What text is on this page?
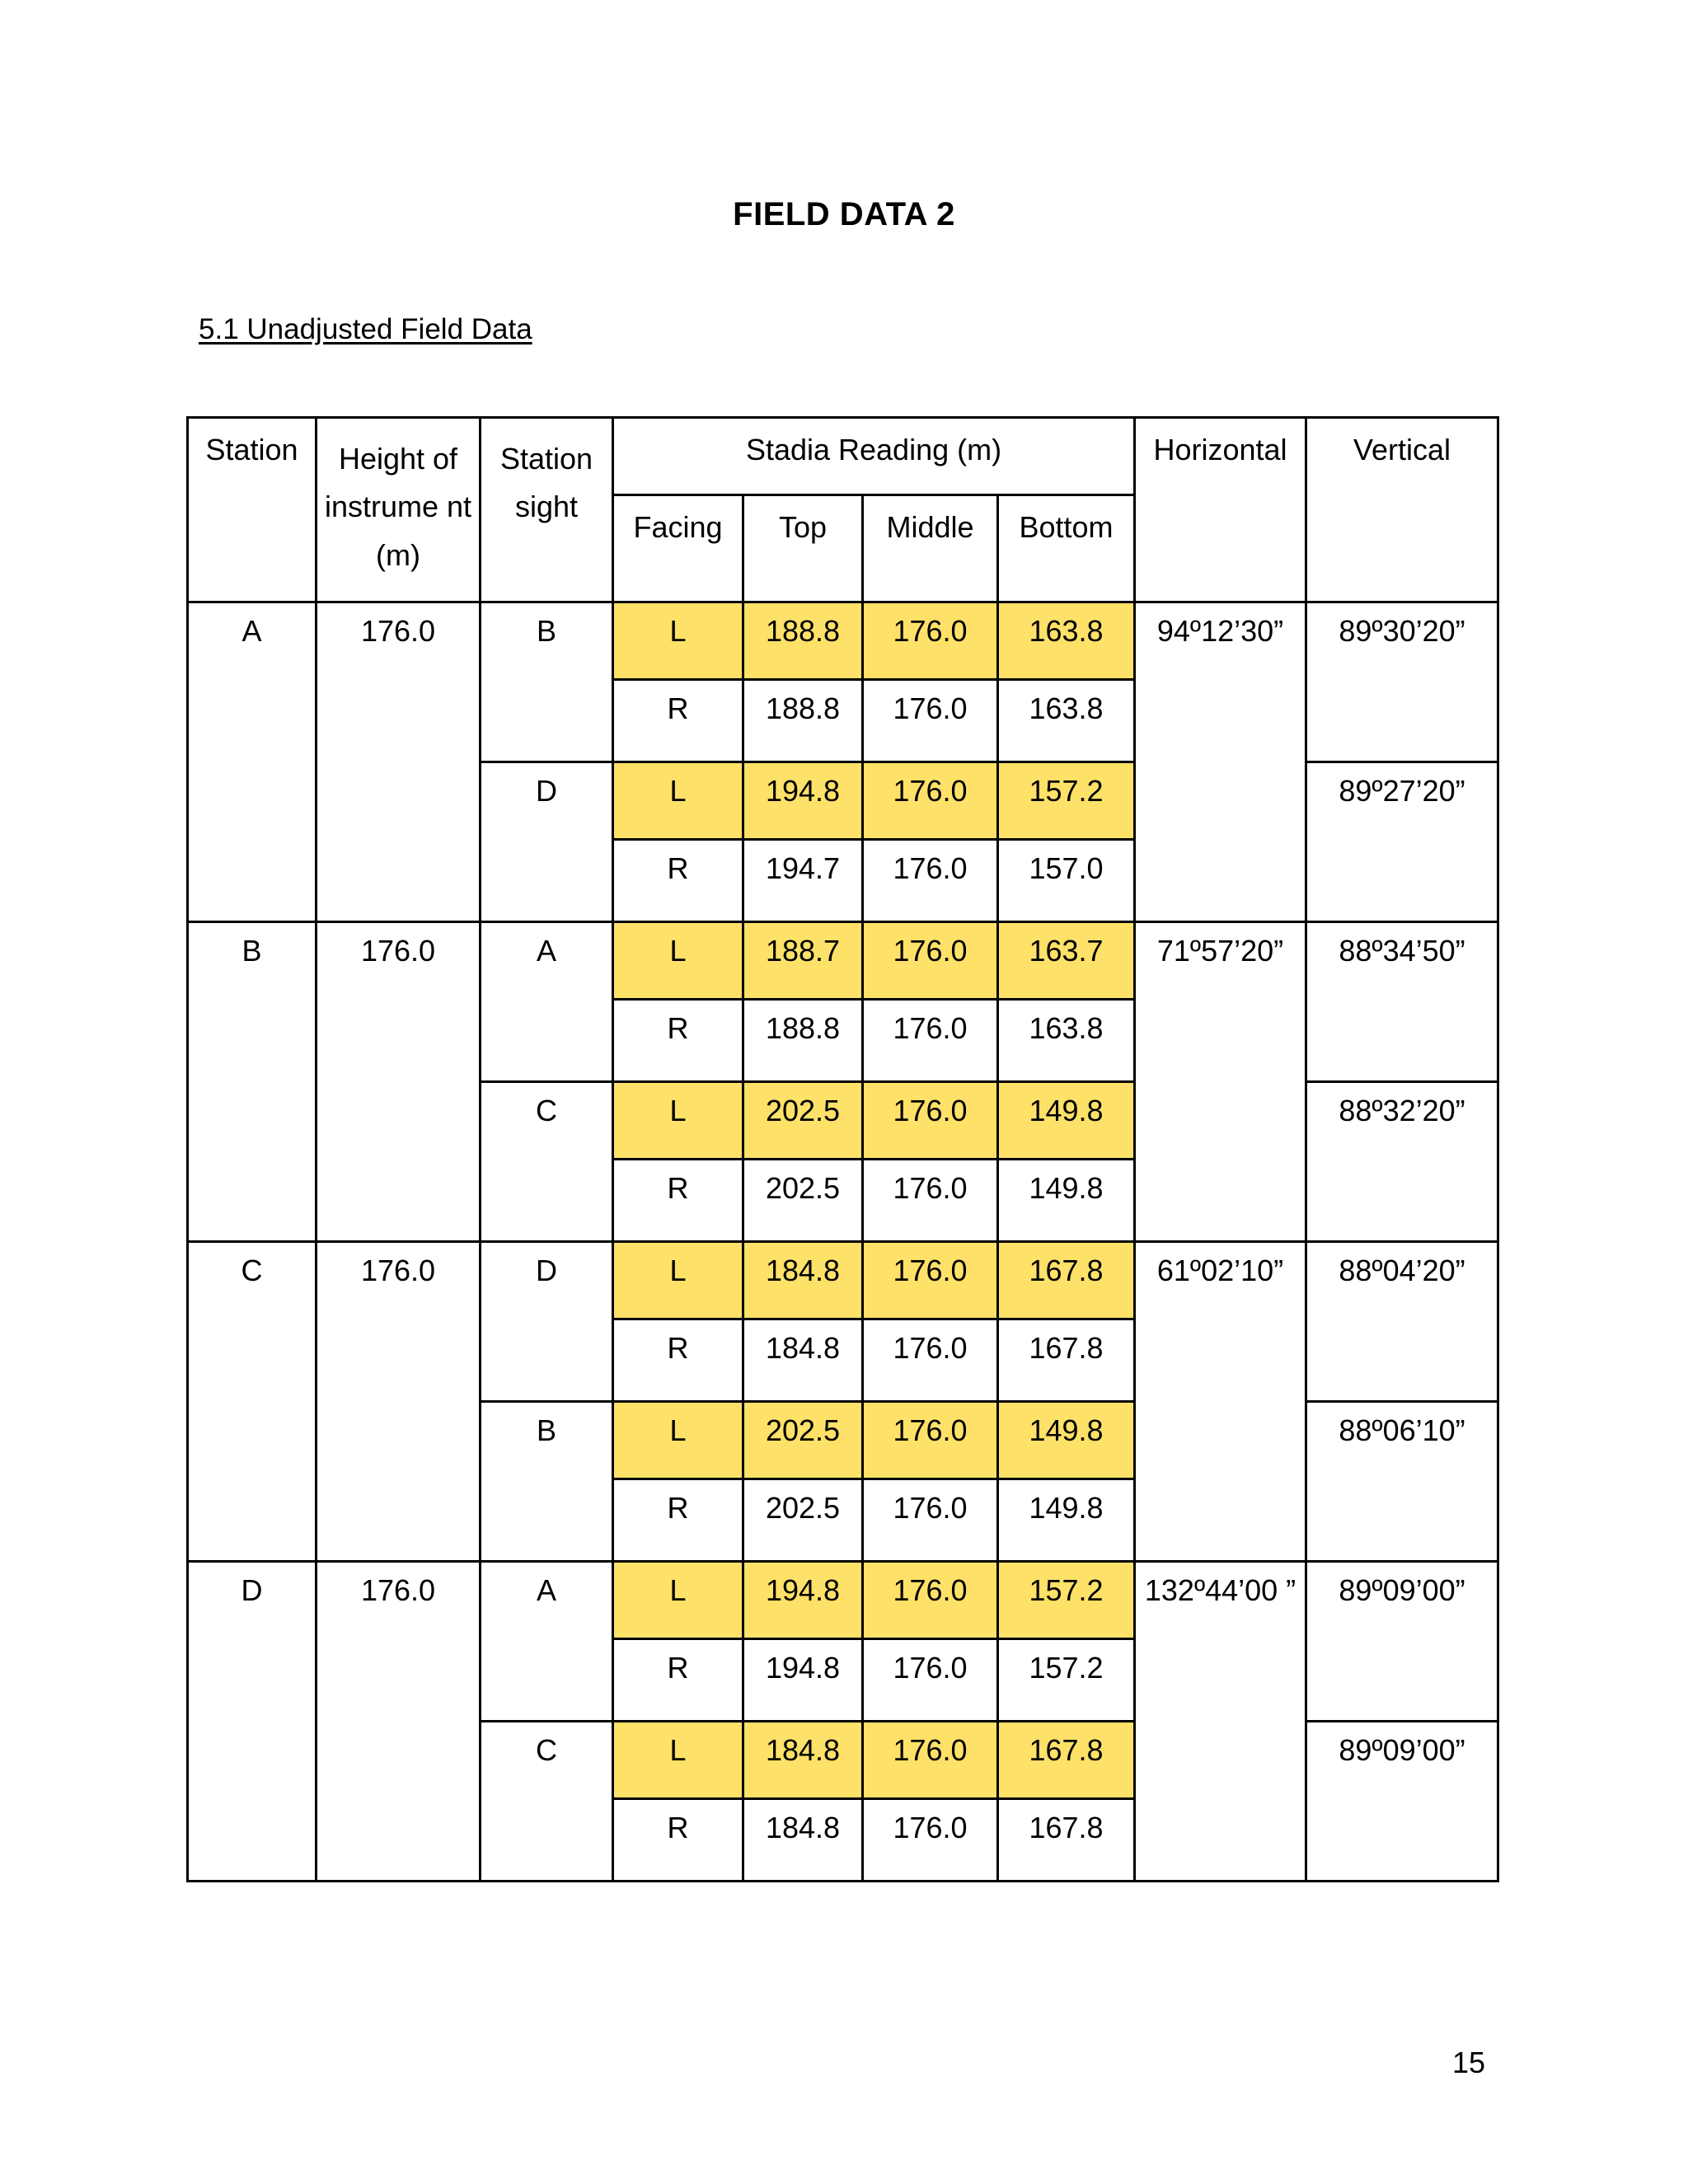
FIELD DATA 2
5.1 Unadjusted Field Data
Station	Height of instrume nt (m)	Station sight	Stadia Reading (m)				Horizontal	Vertical
			Facing	Top	Middle	Bottom		
A	176.0	B	L	188.8	176.0	163.8	94º12’30”	89º30’20”
			R	188.8	176.0	163.8		
		D	L	194.8	176.0	157.2		89º27’20”
			R	194.7	176.0	157.0		
B	176.0	A	L	188.7	176.0	163.7	71º57’20”	88º34’50”
			R	188.8	176.0	163.8		
		C	L	202.5	176.0	149.8		88º32’20”
			R	202.5	176.0	149.8		
C	176.0	D	L	184.8	176.0	167.8	61º02’10”	88º04’20”
			R	184.8	176.0	167.8		
		B	L	202.5	176.0	149.8		88º06’10”
			R	202.5	176.0	149.8		
D	176.0	A	L	194.8	176.0	157.2	132º44’00 ”	89º09’00”
			R	194.8	176.0	157.2		
		C	L	184.8	176.0	167.8		89º09’00”
			R	184.8	176.0	167.8		
15
